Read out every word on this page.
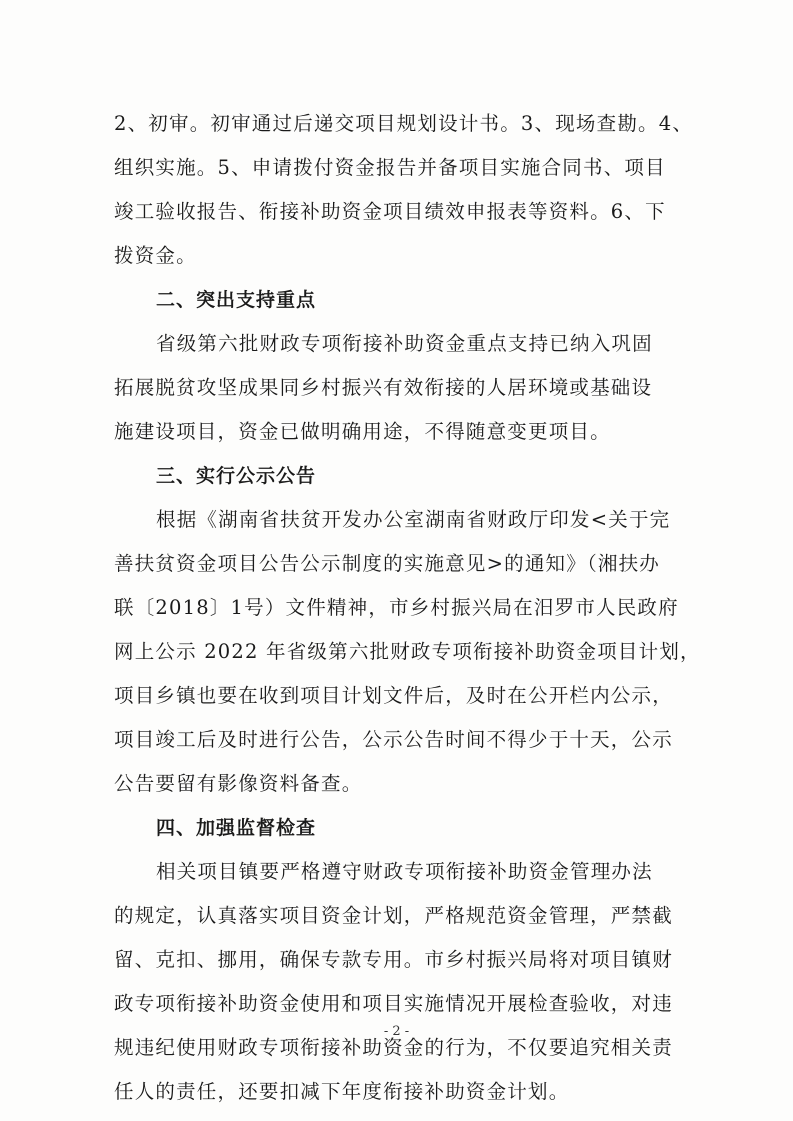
2、初审。初审通过后递交项目规划设计书。3、现场查勘。4、
组织实施。5、申请拨付资金报告并备项目实施合同书、项目
竣工验收报告、衔接补助资金项目绩效申报表等资料。6、下
拨资金。
二、突出支持重点
省级第六批财政专项衔接补助资金重点支持已纳入巩固
拓展脱贫攻坚成果同乡村振兴有效衔接的人居环境或基础设
施建设项目，资金已做明确用途，不得随意变更项目。
三、实行公示公告
根据《湖南省扶贫开发办公室湖南省财政厅印发<关于完
善扶贫资金项目公告公示制度的实施意见>的通知》（湘扶办
联〔2018〕1号）文件精神，市乡村振兴局在汨罗市人民政府
网上公示 2022 年省级第六批财政专项衔接补助资金项目计划，
项目乡镇也要在收到项目计划文件后，及时在公开栏内公示，
项目竣工后及时进行公告，公示公告时间不得少于十天，公示
公告要留有影像资料备查。
四、加强监督检查
相关项目镇要严格遵守财政专项衔接补助资金管理办法
的规定，认真落实项目资金计划，严格规范资金管理，严禁截
留、克扣、挪用，确保专款专用。市乡村振兴局将对项目镇财
政专项衔接补助资金使用和项目实施情况开展检查验收，对违
规违纪使用财政专项衔接补助资金的行为，不仅要追究相关责
任人的责任，还要扣减下年度衔接补助资金计划。
- 2 -
